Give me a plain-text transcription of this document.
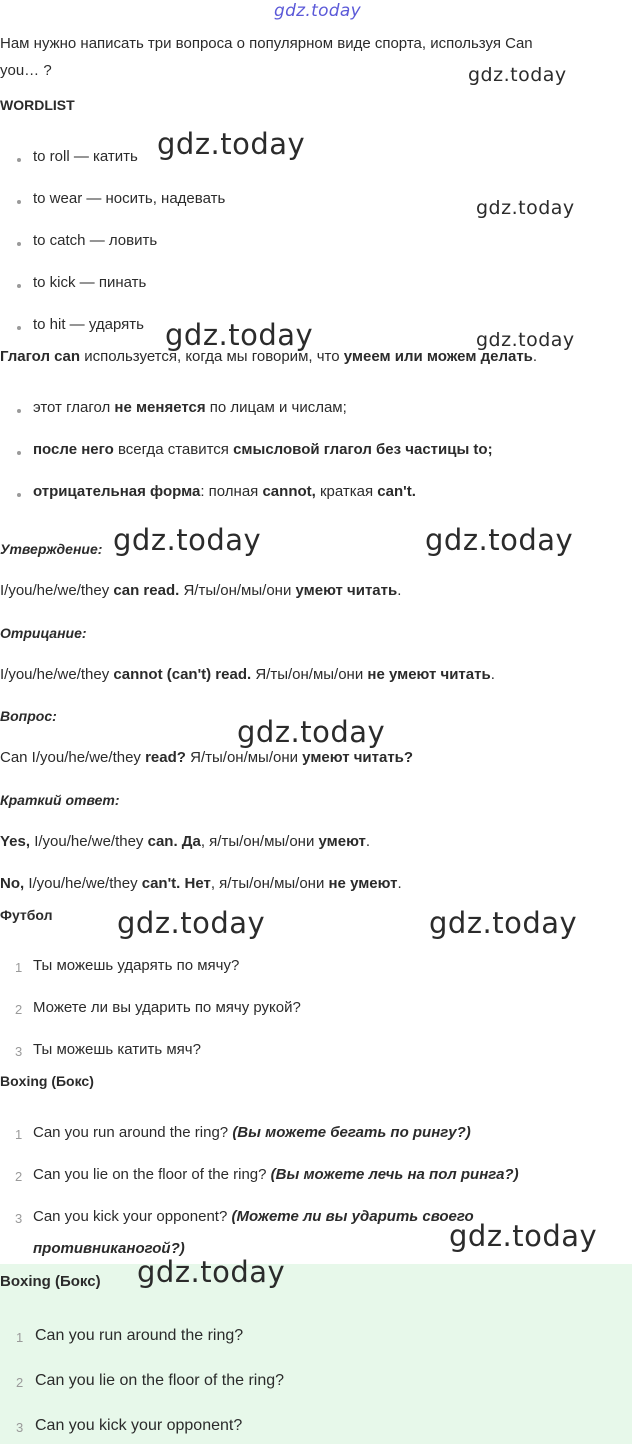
gdz.today
Нам нужно написать три вопроса о популярном виде спорта, используя Can
you… ?
WORDLIST
to roll — катить
to wear — носить, надевать
to catch — ловить
to kick — пинать
to hit — ударять
Глагол can используется, когда мы говорим, что умеем или можем делать.
этот глагол не меняется по лицам и числам;
после него всегда ставится смысловой глагол без частицы to;
отрицательная форма: полная cannot, краткая can't.
Утверждение:
I/you/he/we/they can read. Я/ты/он/мы/они умеют читать.
Отрицание:
I/you/he/we/they cannot (can't) read. Я/ты/он/мы/они не умеют читать.
Вопрос:
Can I/you/he/we/they read? Я/ты/он/мы/они умеют читать?
Краткий ответ:
Yes, I/you/he/we/they can. Да, я/ты/он/мы/они умеют.
No, I/you/he/we/they can't. Нет, я/ты/он/мы/они не умеют.
Футбол
1 Ты можешь ударять по мячу?
2 Можете ли вы ударить по мячу рукой?
3 Ты можешь катить мяч?
Boxing (Бокс)
1 Can you run around the ring? (Вы можете бегать по рингу?)
2 Can you lie on the floor of the ring? (Вы можете лечь на пол ринга?)
3 Can you kick your opponent? (Можете ли вы ударить своего
противниканогой?)
Boxing (Бокс)
1 Can you run around the ring?
2 Can you lie on the floor of the ring?
3 Can you kick your opponent?
gdz.today
gdz.today
gdz.today
gdz.today	gdz.today
gdz.today	gdz.today
gdz.today
gdz.today	gdz.today
gdz.today
gdz.today
